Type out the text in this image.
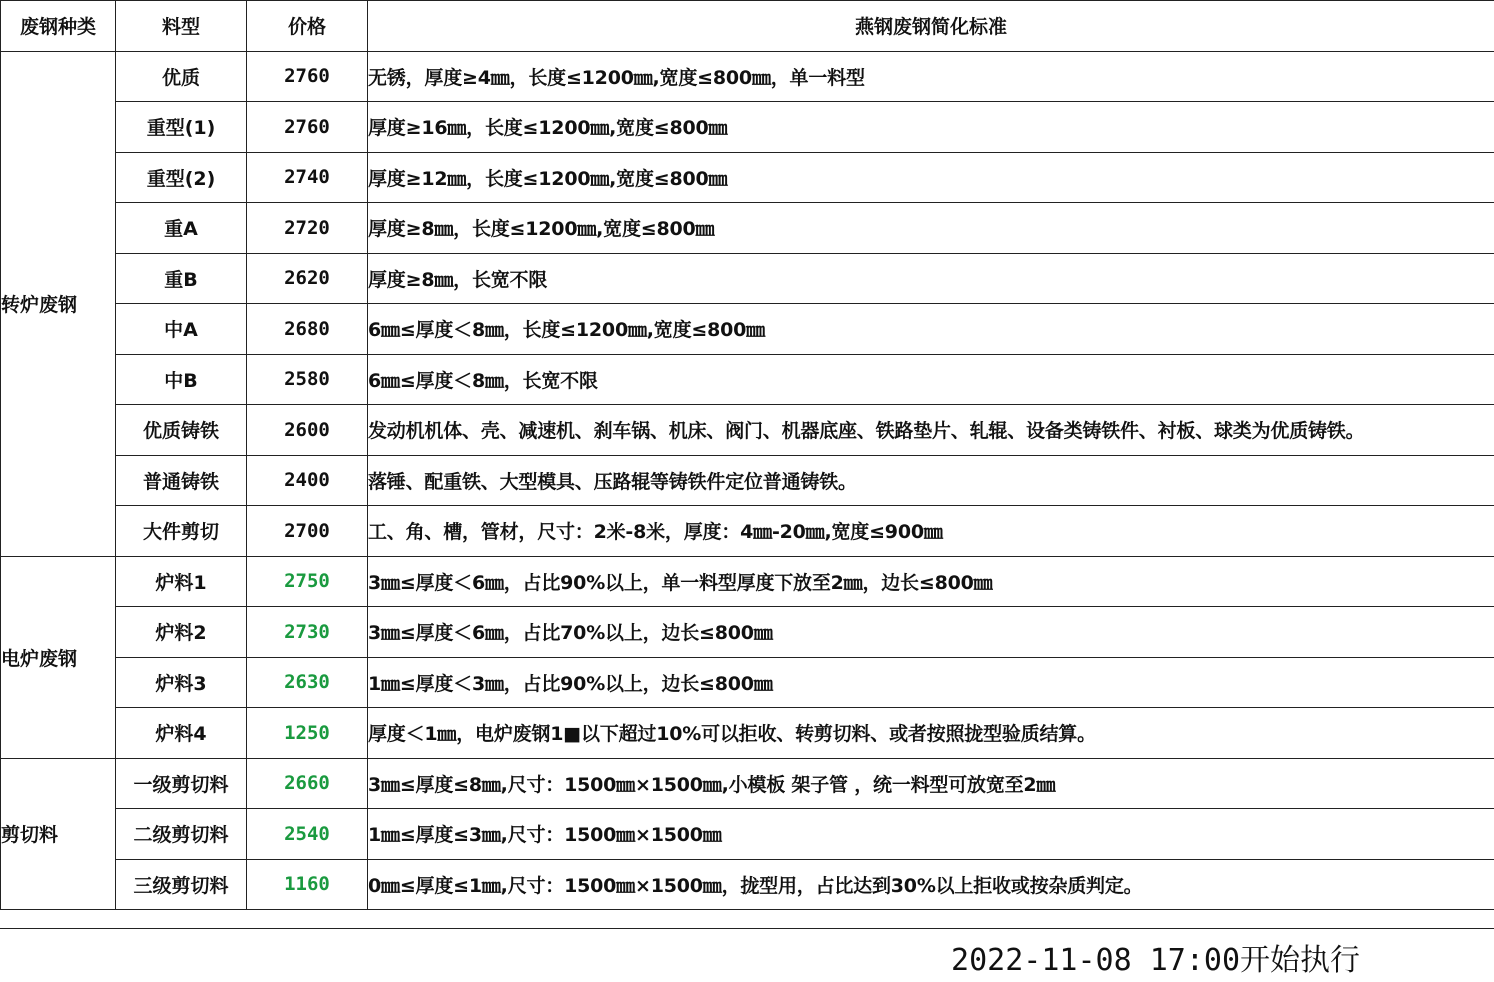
废钢种类	料型	价格	燕钢废钢简化标准
转炉废钢	优质	2760	无锈，厚度≥4㎜，长度≤1200㎜,宽度≤800㎜，单一料型
	重型(1)	2760	厚度≥16㎜，长度≤1200㎜,宽度≤800㎜
	重型(2)	2740	厚度≥12㎜，长度≤1200㎜,宽度≤800㎜
	重A	2720	厚度≥8㎜，长度≤1200㎜,宽度≤800㎜
	重B	2620	厚度≥8㎜，长宽不限
	中A	2680	6㎜≤厚度＜8㎜，长度≤1200㎜,宽度≤800㎜
	中B	2580	6㎜≤厚度＜8㎜，长宽不限
	优质铸铁	2600	发动机机体、壳、减速机、刹车锅、机床、阀门、机器底座、铁路垫片、轧辊、设备类铸铁件、衬板、球类为优质铸铁。
	普通铸铁	2400	落锤、配重铁、大型模具、压路辊等铸铁件定位普通铸铁。
	大件剪切	2700	工、角、槽，管材，尺寸：2米-8米，厚度：4㎜-20㎜,宽度≤900㎜
电炉废钢	炉料1	2750	3㎜≤厚度＜6㎜，占比90%以上，单一料型厚度下放至2㎜，边长≤800㎜
	炉料2	2730	3㎜≤厚度＜6㎜，占比70%以上，边长≤800㎜
	炉料3	2630	1㎜≤厚度＜3㎜，占比90%以上，边长≤800㎜
	炉料4	1250	厚度＜1㎜，电炉废钢1■以下超过10%可以拒收、转剪切料、或者按照拢型验质结算。
剪切料	一级剪切料	2660	3㎜≤厚度≤8㎜,尺寸：1500㎜×1500㎜,小模板 架子管 ，统一料型可放宽至2㎜
	二级剪切料	2540	1㎜≤厚度≤3㎜,尺寸：1500㎜×1500㎜
	三级剪切料	1160	0㎜≤厚度≤1㎜,尺寸：1500㎜×1500㎜，拢型用，占比达到30%以上拒收或按杂质判定。
2022-11-08 17:00开始执行
